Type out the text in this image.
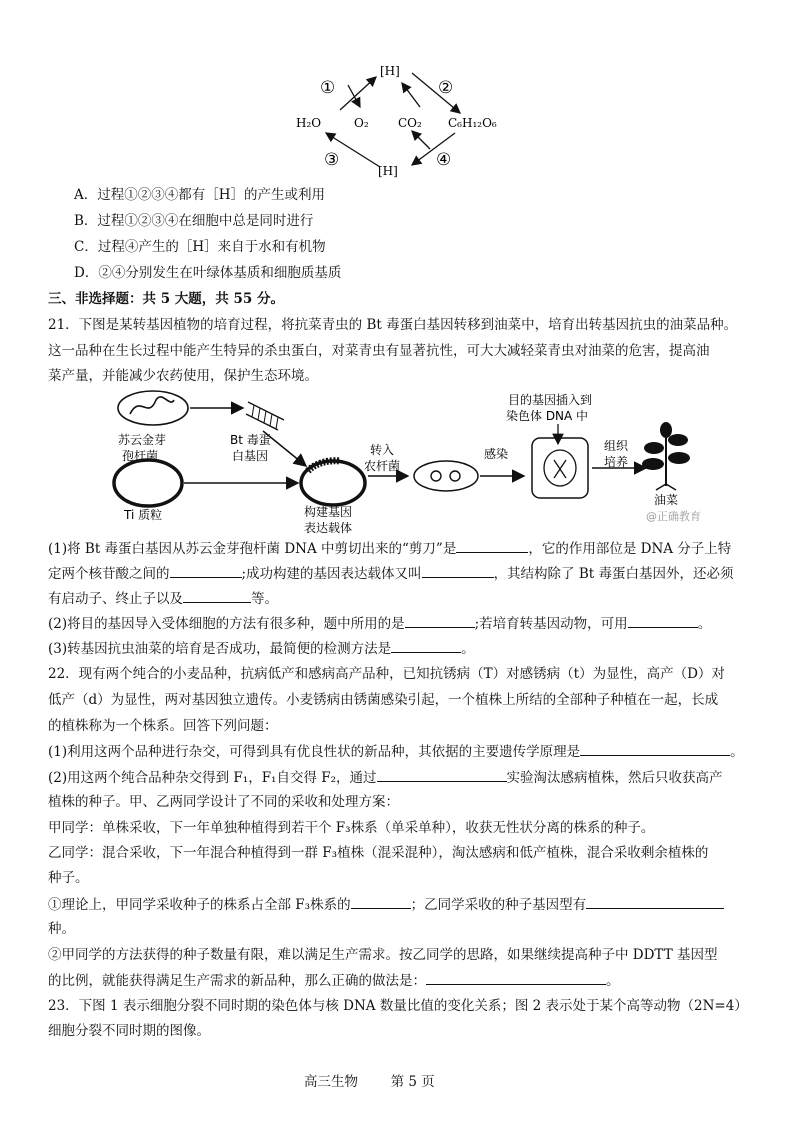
[H]
[H]
H₂O	O₂ CO₂ C₆H₁₂O₆
①	②
③	④
A．过程①②③④都有［H］的产生或利用
B．过程①②③④在细胞中总是同时进行
C．过程④产生的［H］来自于水和有机物
D．②④分别发生在叶绿体基质和细胞质基质
三、非选择题：共 5 大题，共 55 分。
21．下图是某转基因植物的培育过程，将抗菜青虫的 Bt 毒蛋白基因转移到油菜中，培育出转基因抗虫的油菜品种。
这一品种在生长过程中能产生特异的杀虫蛋白，对菜青虫有显著抗性，可大大减轻菜青虫对油菜的危害，提高油
菜产量，并能减少农药使用，保护生态环境。
苏云金芽
孢杆菌
Bt 毒蛋
白基因
Ti 质粒	构建基因
表达载体
转入
农杆菌
感染
目的基因插入到
染色体 DNA 中
组织
培养
油菜
@正确教育
(1)将 Bt 毒蛋白基因从苏云金芽孢杆菌 DNA 中剪切出来的“剪刀”是	，它的作用部位是 DNA 分子上特
定两个核苷酸之间的	;成功构建的基因表达载体又叫	，其结构除了 Bt 毒蛋白基因外，还必须
有启动子、终止子以及	等。
(2)将目的基因导入受体细胞的方法有很多种，题中所用的是	;若培育转基因动物，可用	。
(3)转基因抗虫油菜的培育是否成功，最简便的检测方法是	。
22．现有两个纯合的小麦品种，抗病低产和感病高产品种，已知抗锈病（T）对感锈病（t）为显性，高产（D）对
低产（d）为显性，两对基因独立遗传。小麦锈病由锈菌感染引起，一个植株上所结的全部种子种植在一起，长成
的植株称为一个株系。回答下列问题：
(1)利用这两个品种进行杂交，可得到具有优良性状的新品种，其依据的主要遗传学原理是	。
(2)用这两个纯合品种杂交得到 F₁，F₁自交得 F₂，通过	实验淘汰感病植株，然后只收获高产
植株的种子。甲、乙两同学设计了不同的采收和处理方案：
甲同学：单株采收，下一年单独种植得到若干个 F₃株系（单采单种），收获无性状分离的株系的种子。
乙同学：混合采收，下一年混合种植得到一群 F₃植株（混采混种），淘汰感病和低产植株，混合采收剩余植株的
种子。
①理论上，甲同学采收种子的株系占全部 F₃株系的	；乙同学采收的种子基因型有
种。
②甲同学的方法获得的种子数量有限，难以满足生产需求。按乙同学的思路，如果继续提高种子中 DDTT 基因型
的比例，就能获得满足生产需求的新品种，那么正确的做法是：	。
23．下图 1 表示细胞分裂不同时期的染色体与核 DNA 数量比值的变化关系；图 2 表示处于某个高等动物（2N=4）
细胞分裂不同时期的图像。
高三生物 第 5 页
